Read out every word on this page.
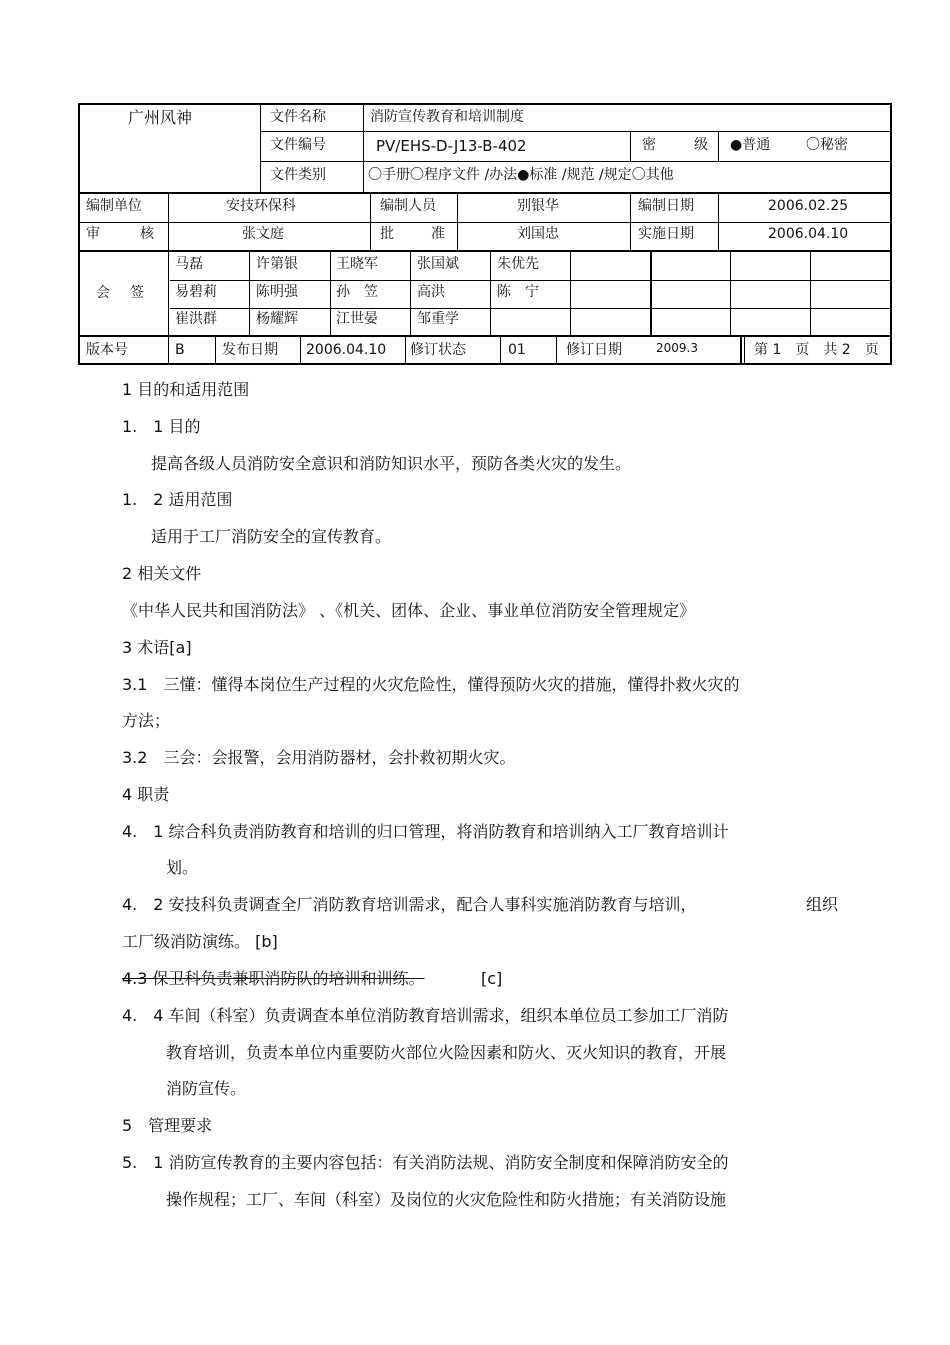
广州风神	文件名称	消防宣传教育和培训制度
文件编号	PV/EHS-D-J13-B-402	密	级 ●普通	〇秘密
文件类别	〇手册〇程序文件 /办法●标准 /规范 /规定〇其他
编制单位	安技环保科	编制人员	别银华	编制日期	2006.02.25
审	核	张文庭	批	准	刘国忠	实施日期	2006.04.10
会 签
马磊	许第银	王晓军	张国斌	朱优先
易碧莉	陈明强	孙　笠	高洪	陈　宁
崔洪群	杨耀辉	江世晏	邹重学
版本号	B	发布日期 2006.04.10 修订状态	01	修订日期	2009.3	第 1　页　共 2　页
1 目的和适用范围
1.　1 目的
提高各级人员消防安全意识和消防知识水平，预防各类火灾的发生。
1.　2 适用范围
适用于工厂消防安全的宣传教育。
2 相关文件
《中华人民共和国消防法》 、《机关、团体、企业、事业单位消防安全管理规定》
3 术语[a]
3.1　三懂：懂得本岗位生产过程的火灾危险性，懂得预防火灾的措施，懂得扑救火灾的
方法；
3.2　三会：会报警，会用消防器材，会扑救初期火灾。
4 职责
4.　1 综合科负责消防教育和培训的归口管理，将消防教育和培训纳入工厂教育培训计
划。
4.　2 安技科负责调查全厂消防教育培训需求，配合人事科实施消防教育与培训，	组织
工厂级消防演练。 [b]
4.3 保卫科负责兼职消防队的培训和训练。	[c]
4.　4 车间（科室）负责调查本单位消防教育培训需求，组织本单位员工参加工厂消防
教育培训，负责本单位内重要防火部位火险因素和防火、灭火知识的教育，开展
消防宣传。
5　管理要求
5.　1 消防宣传教育的主要内容包括：有关消防法规、消防安全制度和保障消防安全的
操作规程；工厂、车间（科室）及岗位的火灾危险性和防火措施；有关消防设施
